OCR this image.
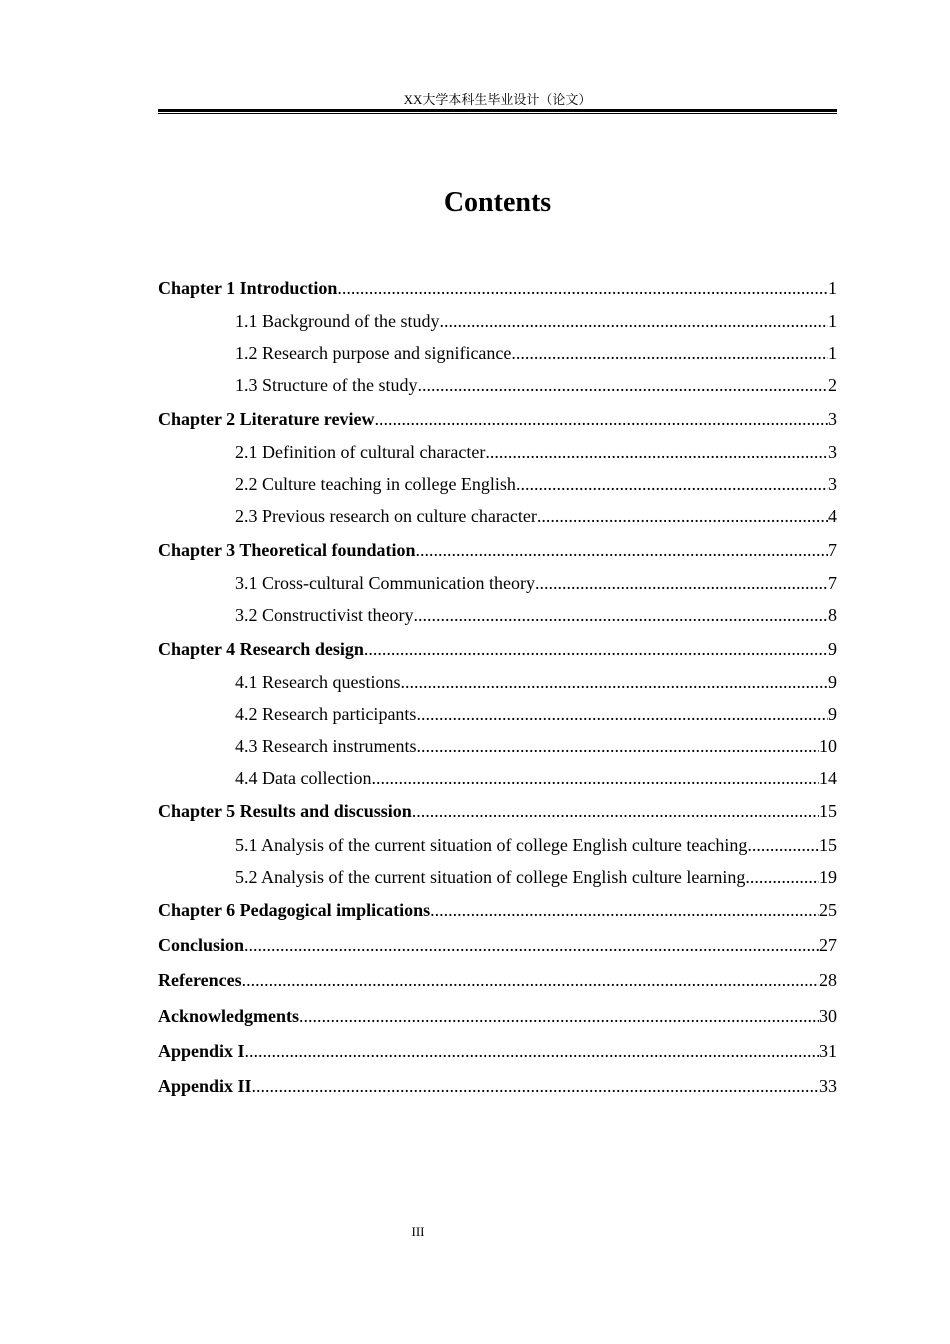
XX大学本科生毕业设计（论文）
Contents
Chapter 1 Introduction .....	1
1.1 Background of the study .....	1
1.2 Research purpose and significance .....	1
1.3 Structure of the study .....	2
Chapter 2 Literature review .....	3
2.1 Definition of cultural character .....	3
2.2 Culture teaching in college English .....	3
2.3 Previous research on culture character .....	4
Chapter 3 Theoretical foundation .....	7
3.1 Cross-cultural Communication theory .....	7
3.2 Constructivist theory .....	8
Chapter 4 Research design .....	9
4.1 Research questions .....	9
4.2 Research participants .....	9
4.3 Research instruments .....	10
4.4 Data collection .....	14
Chapter 5 Results and discussion .....	15
5.1 Analysis of the current situation of college English culture teaching .....	15
5.2 Analysis of the current situation of college English culture learning .....	19
Chapter 6 Pedagogical implications .....	25
Conclusion .....	27
References .....	28
Acknowledgments .....	30
Appendix I .....	31
Appendix II .....	33
III
